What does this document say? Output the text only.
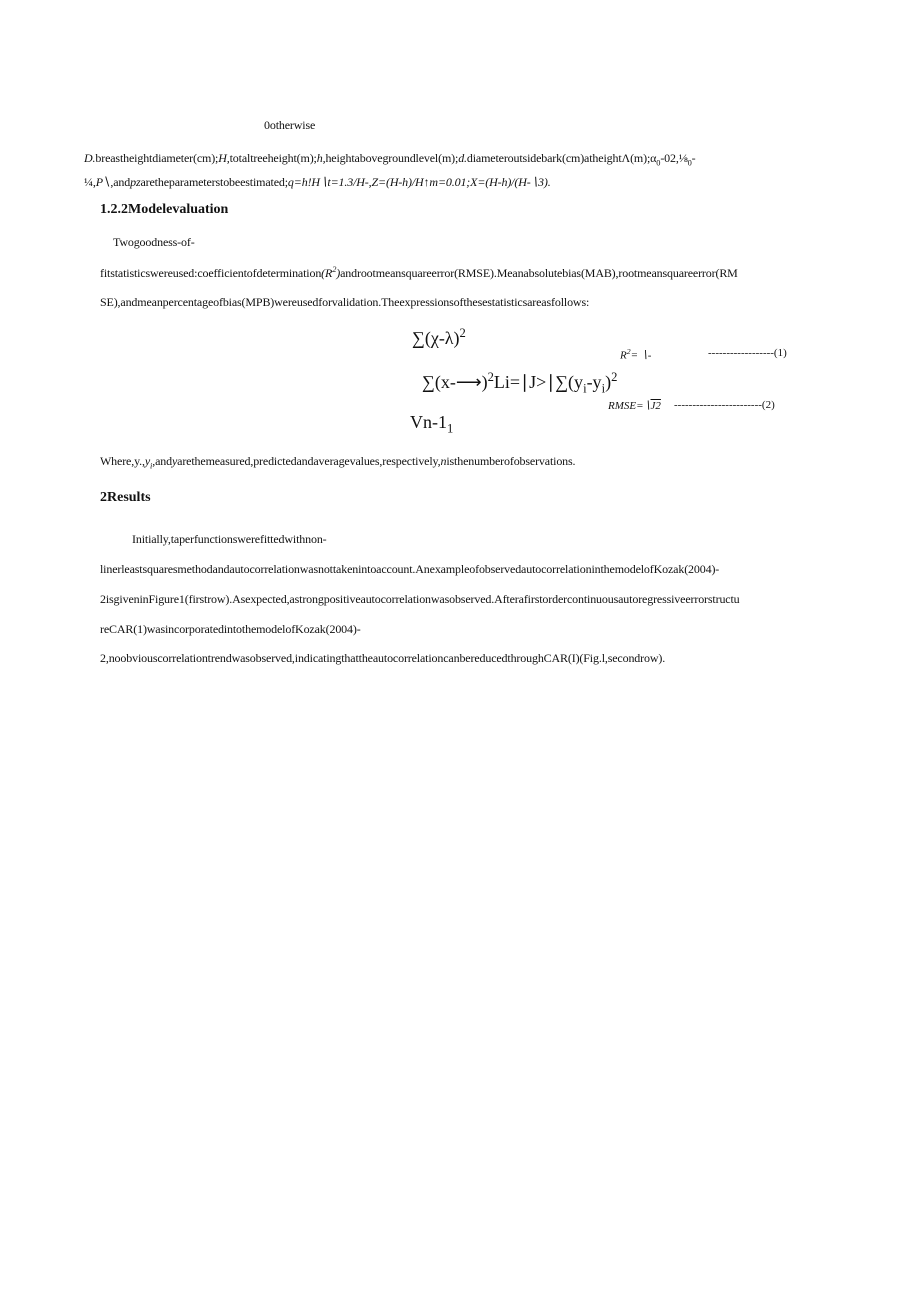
0otherwise
$D.breastheightdiameter(cm);H,totaltreeheight(m);h,heightabovegroundlevel(m);d.diameteroutsidebark(cm)atheight\Lambda(m);\alpha_0-02$,$\frac{1}{8}_0-$
¼,P∖,andpzaretheparameterstobeestimated;q=h!H∖t=1.3/H-,Z=(H-h)/H↑m=0.01;X=(H-h)/(H-∖3).
1.2.2Modelevaluation
Twogoodness-of-
$fitstatisticswereused:coefficientofdetermination(R^2)androotmeansquareerror(RMSE).Meanabsolutebias(MAB),rootmeansquareerr$or(RM
SE),andmeanpercentageofbias(MPB)wereusedforvalidation.Theexpressionsofthesestatisticsareasfollows:
$\sum(\chi-\lambda)^2$
$R^2=$ ∖-	------------------(1)
$\sum(x-⟶)^2Li=∣J>∣\sum(y_i-y_i)^2$
RMSE=∖J2 ------------------------(2)
$Vn-1_1$
$Where,y.,y_i,andyarethemeasured,predictedandaveragevalues,respectively,nisthenumberofobservations$.
2Results
Initially,taperfunctionswerefittedwithnon-
linerleastsquaresmethodandautocorrelationwasnottakenintoaccount.AnexampleofobservedautocorrelationinthemodelofKozak(2004)-
2isgiveninFigure1(firstrow).Asexpected,astrongpositiveautocorrelationwasobserved.Afterafirstordercontinuousautoregressiveerrorstructu
reCAR(1)wasincorporatedintothemodelofKozak(2004)-
2,noobviouscorrelationtrendwasobserved,indicatingthattheautocorrelationcanbereducedthroughCAR(I)(Fig.l,secondrow).
